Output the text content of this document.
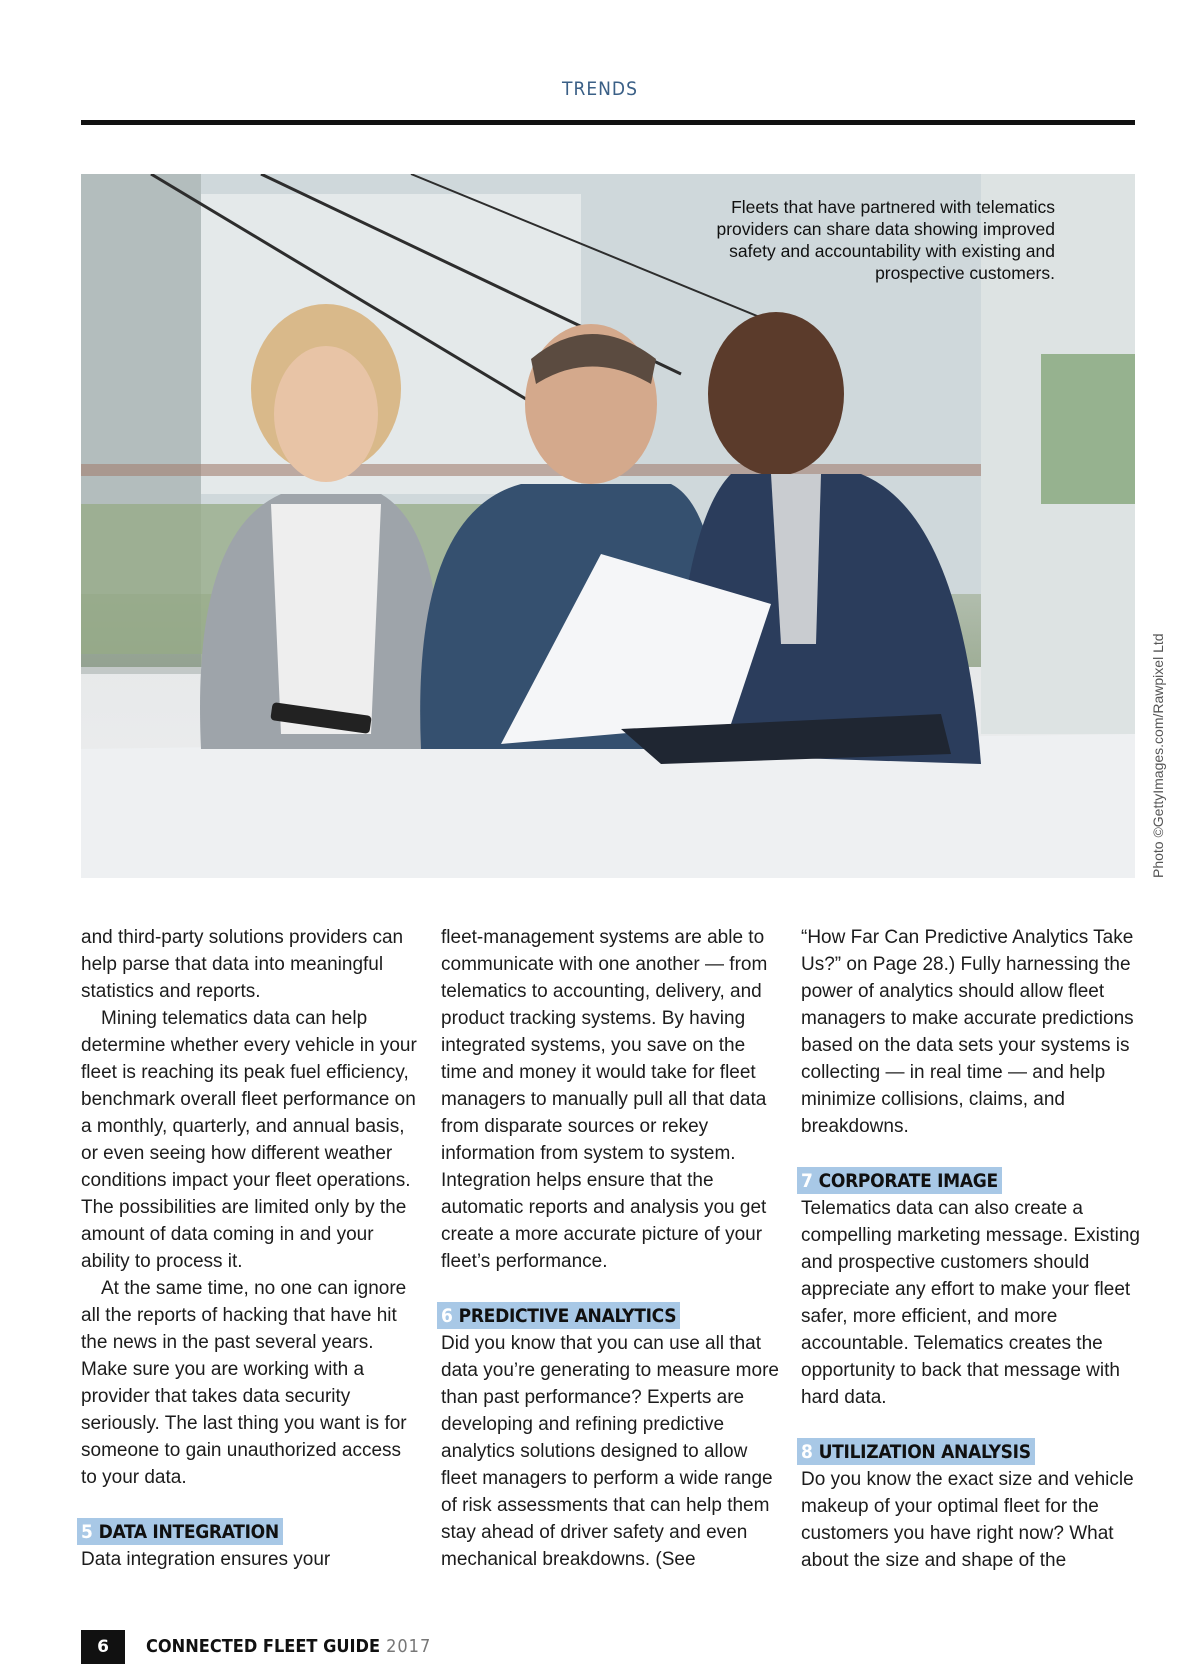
TRENDS
Fleets that have partnered with telematics providers can share data showing improved safety and accountability with existing and prospective customers.
Photo ©GettyImages.com/Rawpixel Ltd

and third-party solutions providers can help parse that data into meaningful statistics and reports.

Mining telematics data can help determine whether every vehicle in your fleet is reaching its peak fuel efficiency, benchmark overall fleet performance on a monthly, quarterly, and annual basis, or even seeing how different weather conditions impact your fleet operations. The possibilities are limited only by the amount of data coming in and your ability to process it.

At the same time, no one can ignore all the reports of hacking that have hit the news in the past several years. Make sure you are working with a provider that takes data security seriously. The last thing you want is for someone to gain unauthorized access to your data.

5 DATA INTEGRATION

Data integration ensures your

fleet-management systems are able to communicate with one another — from telematics to accounting, delivery, and product tracking systems. By having integrated systems, you save on the time and money it would take for fleet managers to manually pull all that data from disparate sources or rekey information from system to system. Integration helps ensure that the automatic reports and analysis you get create a more accurate picture of your fleet’s performance.

6 PREDICTIVE ANALYTICS

Did you know that you can use all that data you’re generating to measure more than past performance? Experts are developing and refining predictive analytics solutions designed to allow fleet managers to perform a wide range of risk assessments that can help them stay ahead of driver safety and even mechanical breakdowns. (See

“How Far Can Predictive Analytics Take Us?” on Page 28.) Fully harnessing the power of analytics should allow fleet managers to make accurate predictions based on the data sets your systems is collecting — in real time — and help minimize collisions, claims, and breakdowns.

7 CORPORATE IMAGE

Telematics data can also create a compelling marketing message. Existing and prospective customers should appreciate any effort to make your fleet safer, more efficient, and more accountable. Telematics creates the opportunity to back that message with hard data.

8 UTILIZATION ANALYSIS

Do you know the exact size and vehicle makeup of your optimal fleet for the customers you have right now? What about the size and shape of the

6	CONNECTED FLEET GUIDE 2017
